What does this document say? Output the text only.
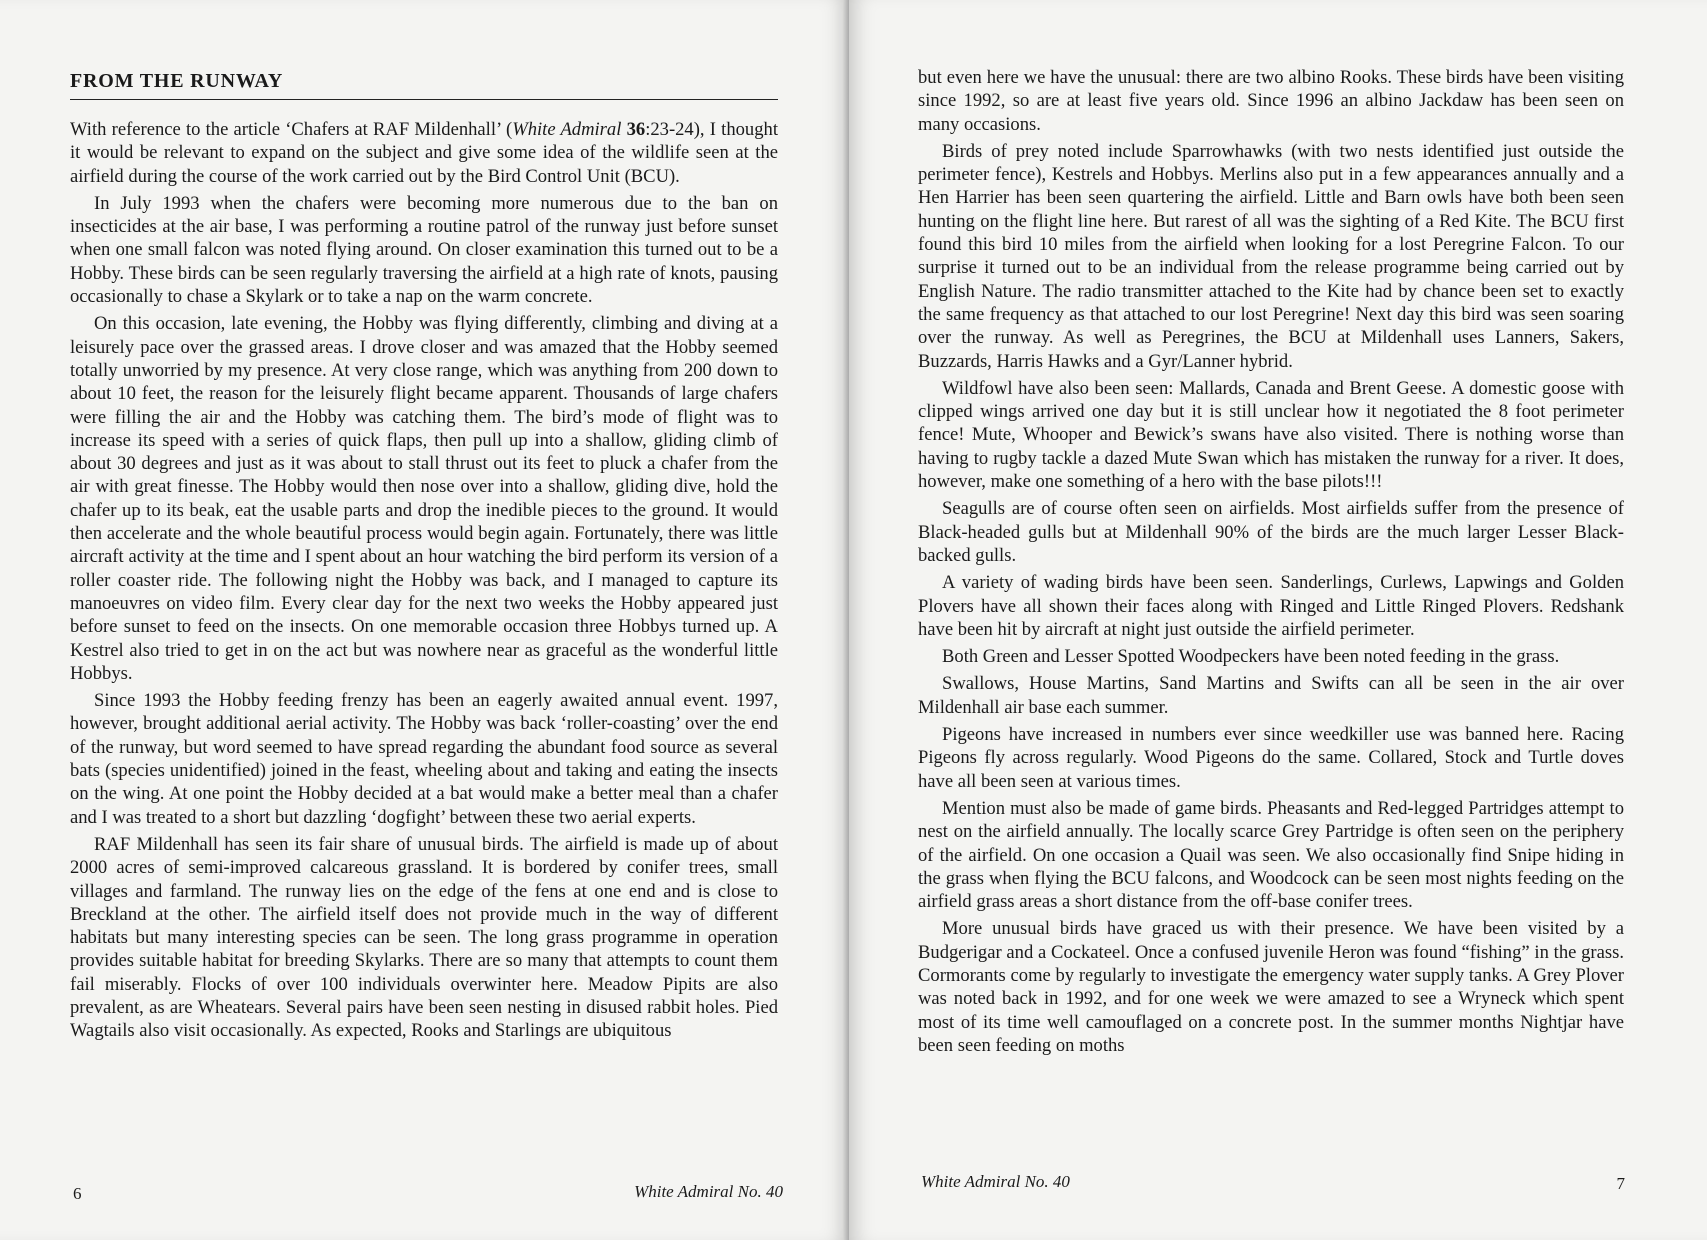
FROM THE RUNWAY

With reference to the article ‘Chafers at RAF Mildenhall’ (White Admiral 36:23-24), I thought it would be relevant to expand on the subject and give some idea of the wildlife seen at the airfield during the course of the work carried out by the Bird Control Unit (BCU).

In July 1993 when the chafers were becoming more numerous due to the ban on insecticides at the air base, I was performing a routine patrol of the runway just before sunset when one small falcon was noted flying around. On closer examination this turned out to be a Hobby. These birds can be seen regularly traversing the airfield at a high rate of knots, pausing occasionally to chase a Skylark or to take a nap on the warm concrete.

On this occasion, late evening, the Hobby was flying differently, climbing and diving at a leisurely pace over the grassed areas. I drove closer and was amazed that the Hobby seemed totally unworried by my presence. At very close range, which was anything from 200 down to about 10 feet, the reason for the leisurely flight became apparent. Thousands of large chafers were filling the air and the Hobby was catching them. The bird’s mode of flight was to increase its speed with a series of quick flaps, then pull up into a shallow, gliding climb of about 30 degrees and just as it was about to stall thrust out its feet to pluck a chafer from the air with great finesse. The Hobby would then nose over into a shallow, gliding dive, hold the chafer up to its beak, eat the usable parts and drop the inedible pieces to the ground. It would then accelerate and the whole beautiful process would begin again. Fortunately, there was little aircraft activity at the time and I spent about an hour watching the bird perform its version of a roller coaster ride. The following night the Hobby was back, and I managed to capture its manoeuvres on video film. Every clear day for the next two weeks the Hobby appeared just before sunset to feed on the insects. On one memorable occasion three Hobbys turned up. A Kestrel also tried to get in on the act but was nowhere near as graceful as the wonderful little Hobbys.

Since 1993 the Hobby feeding frenzy has been an eagerly awaited annual event. 1997, however, brought additional aerial activity. The Hobby was back ‘roller-coasting’ over the end of the runway, but word seemed to have spread regarding the abundant food source as several bats (species unidentified) joined in the feast, wheeling about and taking and eating the insects on the wing. At one point the Hobby decided at a bat would make a better meal than a chafer and I was treated to a short but dazzling ‘dogfight’ between these two aerial experts.

RAF Mildenhall has seen its fair share of unusual birds. The airfield is made up of about 2000 acres of semi-improved calcareous grassland. It is bordered by conifer trees, small villages and farmland. The runway lies on the edge of the fens at one end and is close to Breckland at the other. The airfield itself does not provide much in the way of different habitats but many interesting species can be seen. The long grass programme in operation provides suitable habitat for breeding Skylarks. There are so many that attempts to count them fail miserably. Flocks of over 100 individuals overwinter here. Meadow Pipits are also prevalent, as are Wheatears. Several pairs have been seen nesting in disused rabbit holes. Pied Wagtails also visit occasionally. As expected, Rooks and Starlings are ubiquitous

6	White Admiral No. 40

but even here we have the unusual: there are two albino Rooks. These birds have been visiting since 1992, so are at least five years old. Since 1996 an albino Jackdaw has been seen on many occasions.

Birds of prey noted include Sparrowhawks (with two nests identified just outside the perimeter fence), Kestrels and Hobbys. Merlins also put in a few appearances annually and a Hen Harrier has been seen quartering the airfield. Little and Barn owls have both been seen hunting on the flight line here. But rarest of all was the sighting of a Red Kite. The BCU first found this bird 10 miles from the airfield when looking for a lost Peregrine Falcon. To our surprise it turned out to be an individual from the release programme being carried out by English Nature. The radio transmitter attached to the Kite had by chance been set to exactly the same frequency as that attached to our lost Peregrine! Next day this bird was seen soaring over the runway. As well as Peregrines, the BCU at Mildenhall uses Lanners, Sakers, Buzzards, Harris Hawks and a Gyr/Lanner hybrid.

Wildfowl have also been seen: Mallards, Canada and Brent Geese. A domestic goose with clipped wings arrived one day but it is still unclear how it negotiated the 8 foot perimeter fence! Mute, Whooper and Bewick’s swans have also visited. There is nothing worse than having to rugby tackle a dazed Mute Swan which has mistaken the runway for a river. It does, however, make one something of a hero with the base pilots!!!

Seagulls are of course often seen on airfields. Most airfields suffer from the presence of Black-headed gulls but at Mildenhall 90% of the birds are the much larger Lesser Black-backed gulls.

A variety of wading birds have been seen. Sanderlings, Curlews, Lapwings and Golden Plovers have all shown their faces along with Ringed and Little Ringed Plovers. Redshank have been hit by aircraft at night just outside the airfield perimeter.

Both Green and Lesser Spotted Woodpeckers have been noted feeding in the grass.

Swallows, House Martins, Sand Martins and Swifts can all be seen in the air over Mildenhall air base each summer.

Pigeons have increased in numbers ever since weedkiller use was banned here. Racing Pigeons fly across regularly. Wood Pigeons do the same. Collared, Stock and Turtle doves have all been seen at various times.

Mention must also be made of game birds. Pheasants and Red-legged Partridges attempt to nest on the airfield annually. The locally scarce Grey Partridge is often seen on the periphery of the airfield. On one occasion a Quail was seen. We also occasionally find Snipe hiding in the grass when flying the BCU falcons, and Woodcock can be seen most nights feeding on the airfield grass areas a short distance from the off-base conifer trees.

More unusual birds have graced us with their presence. We have been visited by a Budgerigar and a Cockateel. Once a confused juvenile Heron was found “fishing” in the grass. Cormorants come by regularly to investigate the emergency water supply tanks. A Grey Plover was noted back in 1992, and for one week we were amazed to see a Wryneck which spent most of its time well camouflaged on a concrete post. In the summer months Nightjar have been seen feeding on moths

White Admiral No. 40	7
